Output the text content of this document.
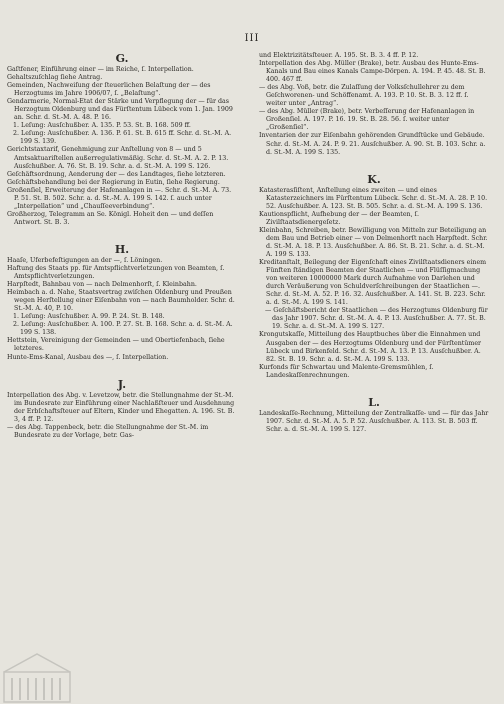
III
G.
Gaſtfener, Einführung einer — im Reiche, ſ. Interpellation.
Gehaltszuſchlag ſiehe Antrag.
Gemeinden, Nachweiſung der ſteuerlichen Belaſtung der — des Herzogtums im Jahre 1906/07, ſ. „Belaſtung“.
Gendarmerie, Normal-Etat der Stärke und Verpflegung der — für das Herzogtum Oldenburg und das Fürſtentum Lübeck vom 1. Jan. 1909 an. Schr. d. St.-M. A. 48. P. 16.
1. Leſung: Ausſchußber. A. 135. P. 53. St. B. 168. 509 ff.
2. Leſung: Ausſchußber. A. 136. P. 61. St. B. 615 ff. Schr. d. St.-M. A. 199 S. 139.
Gerichtstaxtarif, Genehmigung zur Anſtellung von 8 — und 5 Amtsaktuariſtellen außerregulativmäßig. Schr. d. St.-M. A. 2. P. 13. Ausſchußber. A. 76. St. B. 19. Schr. a. d. St.-M. A. 199 S. 126.
Geſchäftsordnung, Aenderung der — des Landtages, ſiehe letzteren.
Geſchäftsbehandlung bei der Regierung in Eutin, ſiehe Regierung.
Großenſiel, Erweiterung der Hafenanlagen in —. Schr. d. St.-M. A. 73. P. 51. St. B. 502. Schr. a. d. St.-M. A. 199 S. 142. ſ. auch unter „Interpellation“ und „Chauſſeeverbindung“.
Großherzog, Telegramm an Se. Königl. Hoheit den — und deſſen Antwort. St. B. 3.
H.
Haaſe, Uferbefeſtigungen an der —, ſ. Löningen.
Haftung des Staats pp. für Amtspflichtverletzungen von Beamten, ſ. Amtspflichtverletzungen.
Harpſtedt, Bahnbau von — nach Delmenhorſt, ſ. Kleinbahn.
Heimbach a. d. Nahe, Staatsvertrag zwiſchen Oldenburg und Preußen wegen Herſtellung einer Eiſenbahn von — nach Baumholder. Schr. d. St.-M. A. 40, P. 10.
1. Leſung: Ausſchußber. A. 99. P. 24. St. B. 148.
2. Leſung: Ausſchußber. A. 100. P. 27. St. B. 168. Schr. a. d. St.-M. A. 199 S. 138.
Hettstein, Vereinigung der Gemeinden — und Obertiefenbach, ſiehe letzteres.
Hunte-Ems-Kanal, Ausbau des —, ſ. Interpellation.
J.
Interpellation des Abg. v. Levetzow, betr. die Stellungnahme der St.-M. im Bundesrate zur Einführung einer Nachlaßſteuer und Ausdehnung der Erbſchaftsſteuer auf Eltern, Kinder und Ehegatten. A. 196. St. B. 3, 4 ff. P. 12.
— des Abg. Tappenbeck, betr. die Stellungnahme der St.-M. im Bundesrate zu der Vorlage, betr. Gas-
und Elektrizitätsſteuer. A. 195. St. B. 3. 4 ff. P. 12.
Interpellation des Abg. Müller (Brake), betr. Ausbau des Hunte-Ems-Kanals und Bau eines Kanals Campe-Dörpen. A. 194. P. 45. 48. St. B. 400. 467 ff.
— des Abg. Voß, betr. die Zulaſſung der Volksſchullehrer zu dem Geſchworenen- und Schöffenamt. A. 193. P. 10. St. B. 3. 12 ff. ſ. weiter unter „Antrag“.
— des Abg. Müller (Brake), betr. Verbeſſerung der Hafenanlagen in Großenſiel. A. 197. P. 16. 19. St. B. 28. 56. ſ. weiter unter „Großenſiel“.
Inventarien der zur Eiſenbahn gehörenden Grundſtücke und Gebäude. Schr. d. St.-M. A. 24. P. 9. 21. Ausſchußber. A. 90. St. B. 103. Schr. a. d. St.-M. A. 199 S. 135.
K.
Katasterasſiſtent, Anſtellung eines zweiten — und eines Katasterzeichners im Fürſtentum Lübeck. Schr. d. St.-M. A. 28. P. 10. 52. Ausſchußber. A. 123. St. B. 505. Schr. a. d. St.-M. A. 199 S. 136.
Kautionspflicht, Aufhebung der — der Beamten, ſ. Zivilſtaatsdienergeſetz.
Kleinbahn, Schreiben, betr. Bewilligung von Mitteln zur Beteiligung an dem Bau und Betrieb einer — von Delmenhorſt nach Harpſtedt. Schr. d. St.-M. A. 18. P. 13. Ausſchußber. A. 86. St. B. 21. Schr. a. d. St.-M. A. 199 S. 133.
Kreditanſtalt, Beilegung der Eigenſchaft eines Zivilſtaatsdieners einem Fünften ſtändigen Beamten der Staatlichen — und Flüſſigmachung von weiteren 10000000 Mark durch Aufnahme von Darlehen und durch Veräußerung von Schuldverſchreibungen der Staatlichen —. Schr. d. St.-M. A. 52. P. 16. 32. Ausſchußber. A. 141. St. B. 223. Schr. a. d. St.-M. A. 199 S. 141.
— Geſchäftsbericht der Staatlichen — des Herzogtums Oldenburg für das Jahr 1907. Schr. d. St.-M. A. 4. P. 13. Ausſchußber. A. 77. St. B. 19. Schr. a. d. St.-M. A. 199 S. 127.
Krongutskaſſe, Mitteilung des Hauptbuches über die Einnahmen und Ausgaben der — des Herzogtums Oldenburg und der Fürſtentümer Lübeck und Birkenfeld. Schr. d. St.-M. A. 13. P. 13. Ausſchußber. A. 82. St. B. 19. Schr. a. d. St.-M. A. 199 S. 133.
Kurfonds für Schwartau und Malente-Gremsmühlen, ſ. Landeskaſſenrechnungen.
L.
Landeskaſſe-Rechnung, Mitteilung der Zentralkaſſe- und — für das Jahr 1907. Schr. d. St.-M. A. 5. P. 52. Ausſchußber. A. 113. St. B. 503 ff. Schr. a. d. St.-M. A. 199 S. 127.
